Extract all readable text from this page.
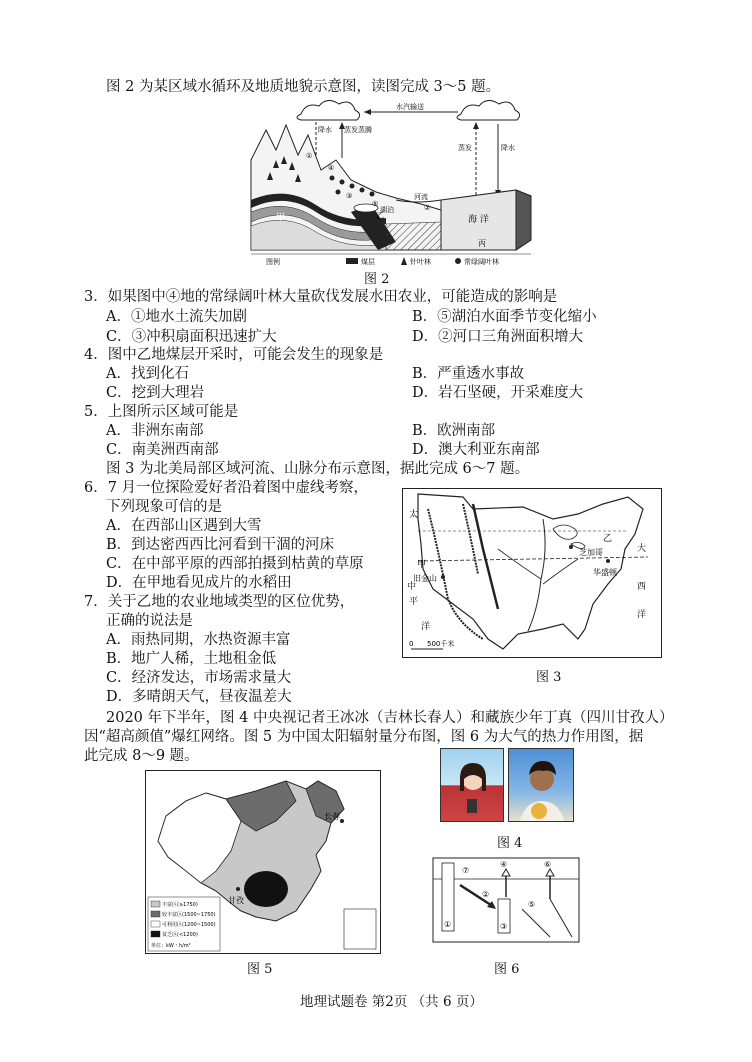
图 2 为某区域水循环及地质地貌示意图，读图完成 3～5 题。
水汽输送
降水 蒸发蒸腾
蒸发	降水
湖泊
河流
海 洋
甲	乙
丙
①
③
④
⑤	②
图例	煤层	针叶林	常绿阔叶林
图 2
3．如果图中④地的常绿阔叶林大量砍伐发展水田农业，可能造成的影响是
A．①地水土流失加剧	B．⑤湖泊水面季节变化缩小
C．③冲积扇面积迅速扩大	D．②河口三角洲面积增大
4．图中乙地煤层开采时，可能会发生的现象是
A．找到化石	B．严重透水事故
C．挖到大理岩	D．岩石坚硬，开采难度大
5．上图所示区域可能是
A．非洲东南部	B．欧洲南部
C．南美洲西南部	D．澳大利亚东南部
图 3 为北美局部区域河流、山脉分布示意图，据此完成 6～7 题。
6．7 月一位探险爱好者沿着图中虚线考察，
下列现象可信的是
A．在西部山区遇到大雪
B．到达密西西比河看到干涸的河床
C．在中部平原的西部拍摄到枯黄的草原
D．在甲地看见成片的水稻田
7．关于乙地的农业地域类型的区位优势，
正确的说法是
A．雨热同期，水热资源丰富
B．地广人稀，土地租金低
C．经济发达，市场需求量大
D．多晴朗天气，昼夜温差大
太
中
甲
旧金山
平
洋
乙
芝加哥
华盛顿
大
西
洋
0 500千米
图 3
2020 年下半年，图 4 中央视记者王冰冰（吉林长春人）和藏族少年丁真（四川甘孜人）
因“超高颜值”爆红网络。图 5 为中国太阳辐射量分布图，图 6 为大气的热力作用图，据
此完成 8～9 题。
图 4
长春
甘孜
丰富区(≥1750)
较丰富区(1500~1750)
可利用区(1200~1500)
贫乏区(<1200)
单位：kW・h/m²
图 5
①
⑦
②
③
④
⑤
⑥
图 6
地理试题卷 第2页 （共 6 页）
